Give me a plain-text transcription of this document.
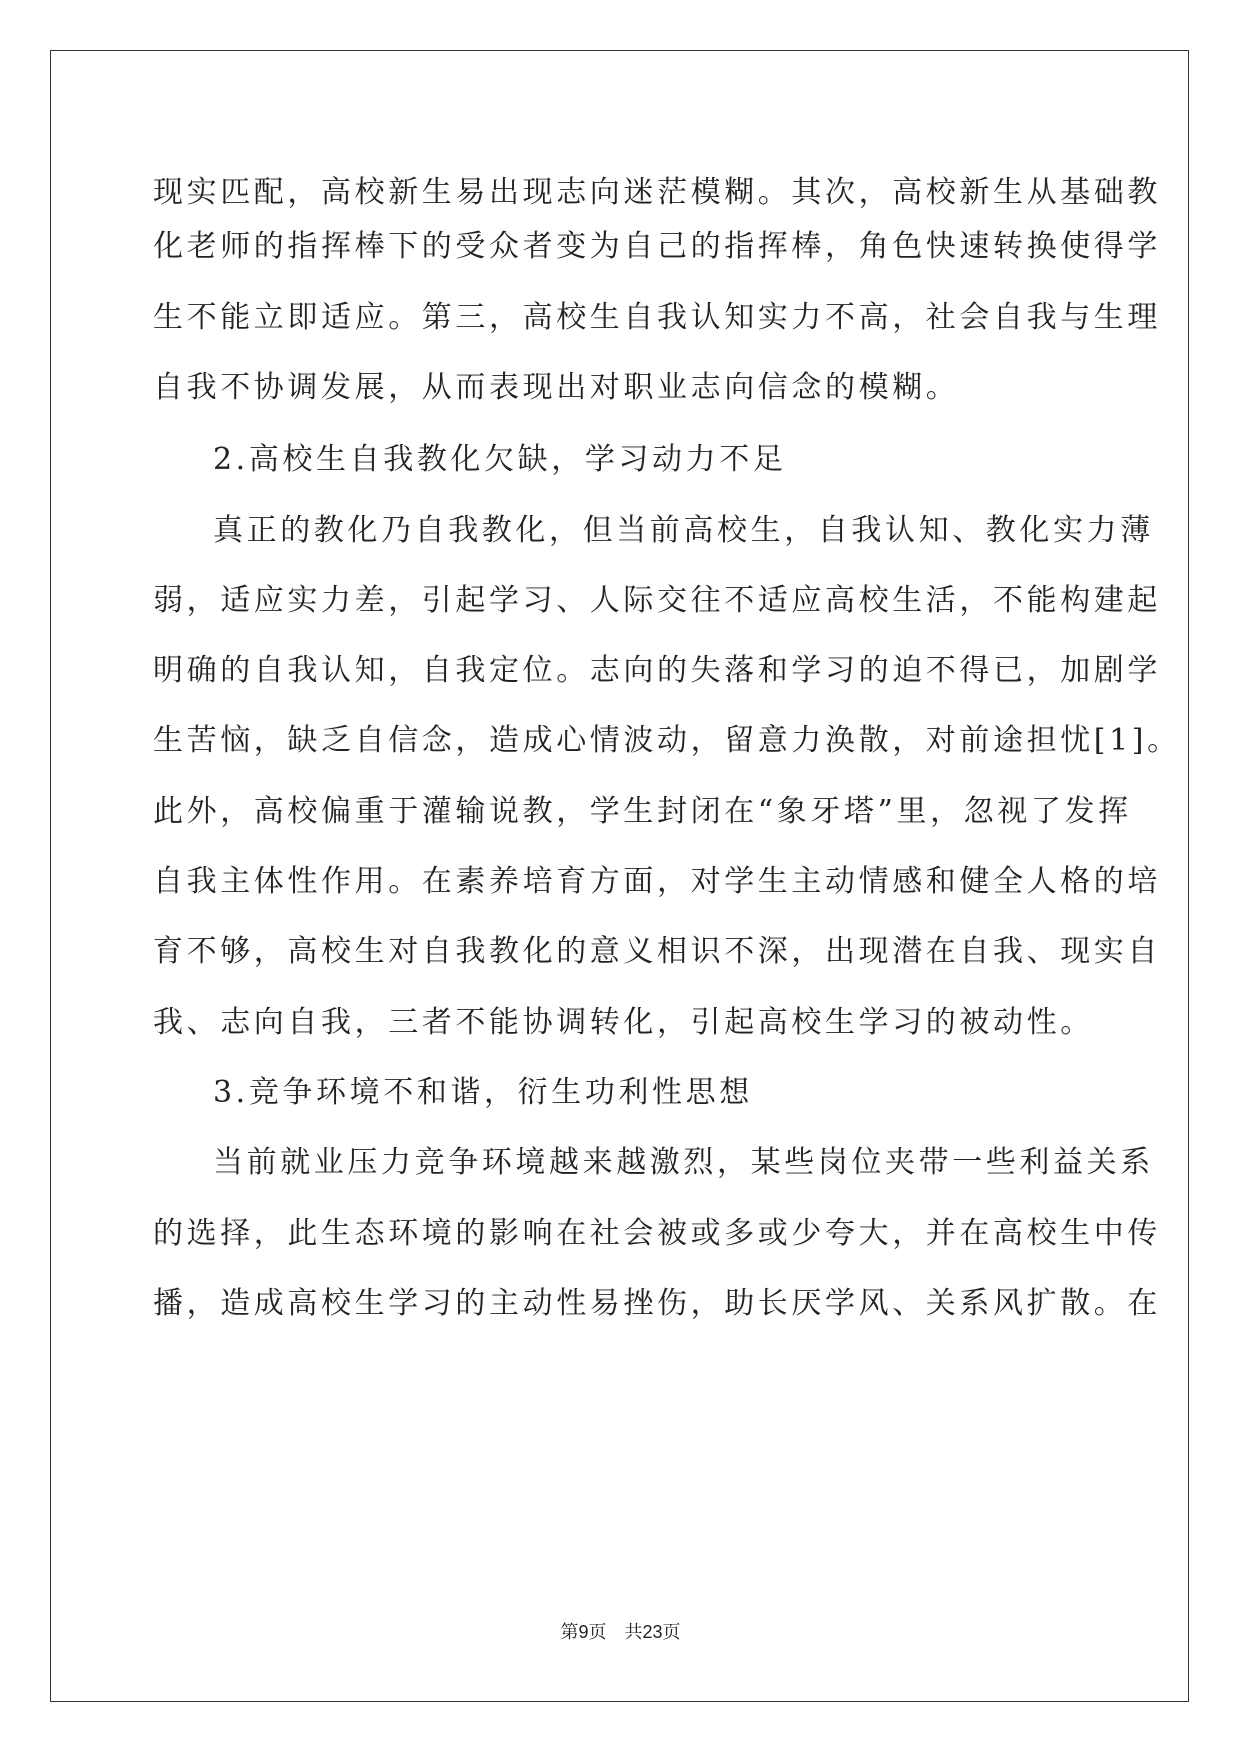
现实匹配，高校新生易出现志向迷茫模糊。其次，高校新生从基础教
化老师的指挥棒下的受众者变为自己的指挥棒，角色快速转换使得学
生不能立即适应。第三，高校生自我认知实力不高，社会自我与生理
自我不协调发展，从而表现出对职业志向信念的模糊。
2.高校生自我教化欠缺，学习动力不足
真正的教化乃自我教化，但当前高校生，自我认知、教化实力薄
弱，适应实力差，引起学习、人际交往不适应高校生活，不能构建起
明确的自我认知，自我定位。志向的失落和学习的迫不得已，加剧学
生苦恼，缺乏自信念，造成心情波动，留意力涣散，对前途担忧[1]。
此外，高校偏重于灌输说教，学生封闭在“象牙塔”里，忽视了发挥
自我主体性作用。在素养培育方面，对学生主动情感和健全人格的培
育不够，高校生对自我教化的意义相识不深，出现潜在自我、现实自
我、志向自我，三者不能协调转化，引起高校生学习的被动性。
3.竞争环境不和谐，衍生功利性思想
当前就业压力竞争环境越来越激烈，某些岗位夹带一些利益关系
的选择，此生态环境的影响在社会被或多或少夸大，并在高校生中传
播，造成高校生学习的主动性易挫伤，助长厌学风、关系风扩散。在
第9页 共23页
